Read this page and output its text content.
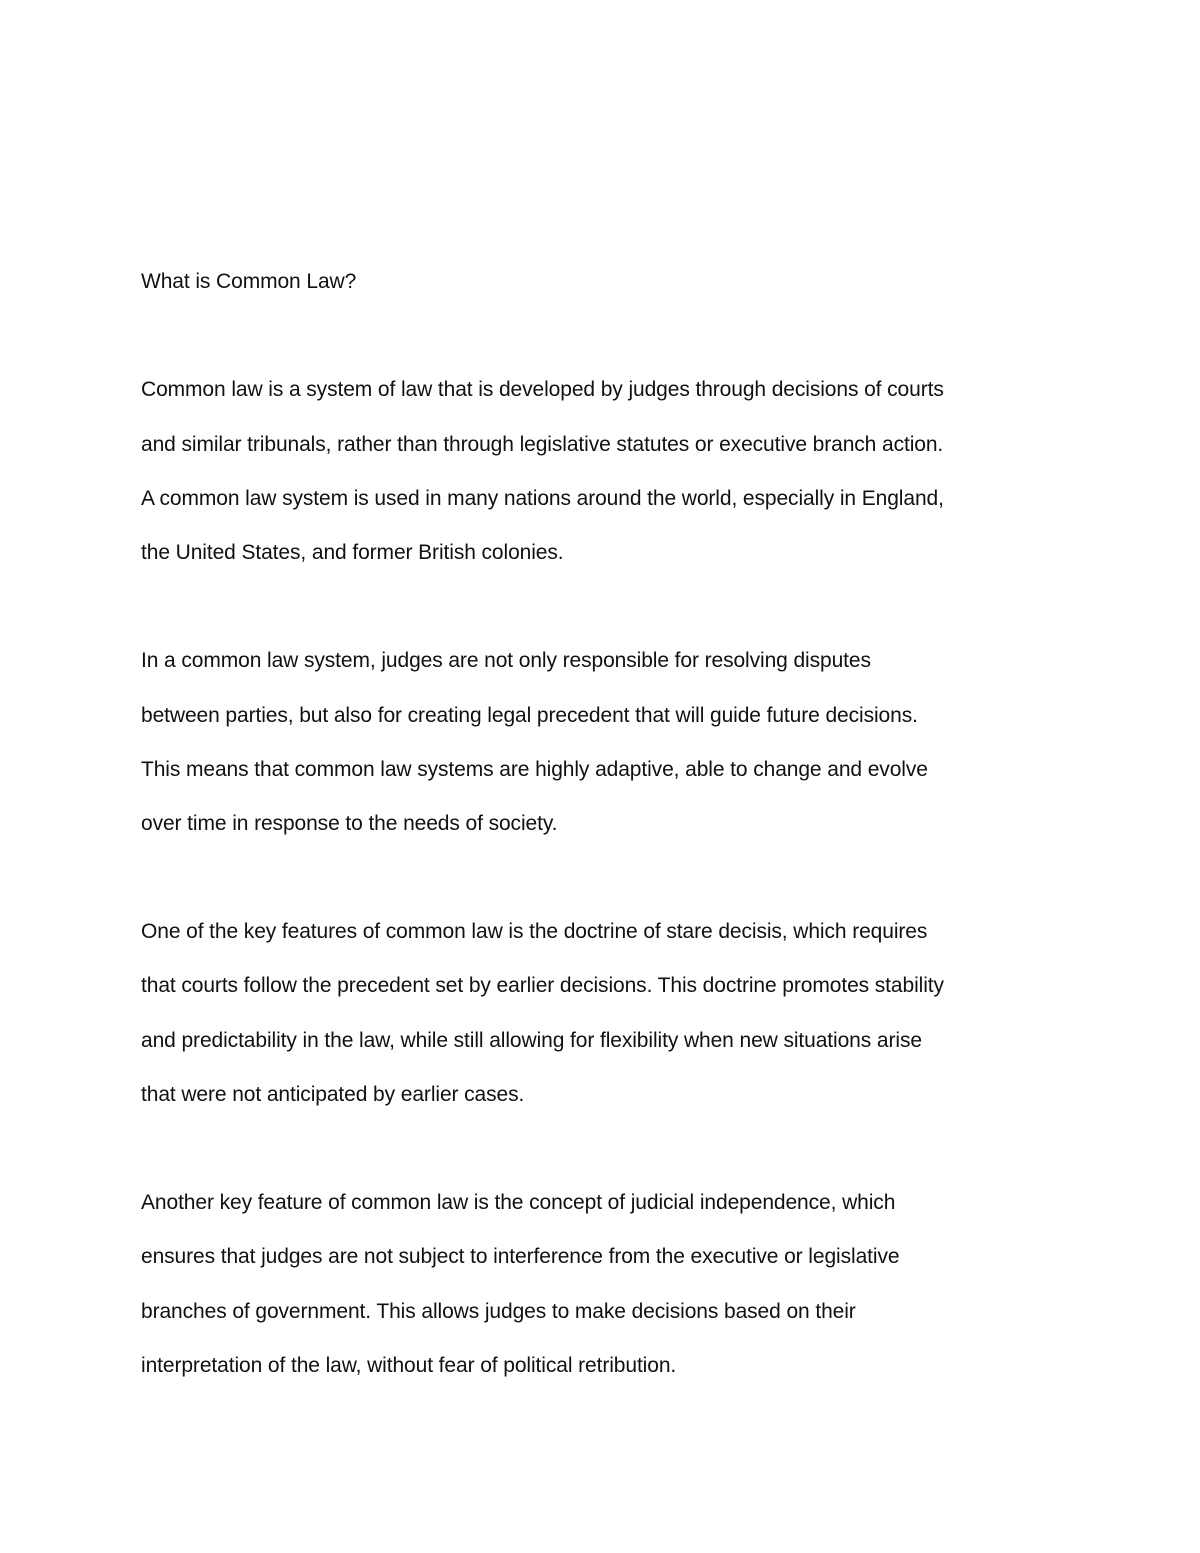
What is Common Law?
Common law is a system of law that is developed by judges through decisions of courts
and similar tribunals, rather than through legislative statutes or executive branch action.
A common law system is used in many nations around the world, especially in England,
the United States, and former British colonies.
In a common law system, judges are not only responsible for resolving disputes
between parties, but also for creating legal precedent that will guide future decisions.
This means that common law systems are highly adaptive, able to change and evolve
over time in response to the needs of society.
One of the key features of common law is the doctrine of stare decisis, which requires
that courts follow the precedent set by earlier decisions. This doctrine promotes stability
and predictability in the law, while still allowing for flexibility when new situations arise
that were not anticipated by earlier cases.
Another key feature of common law is the concept of judicial independence, which
ensures that judges are not subject to interference from the executive or legislative
branches of government. This allows judges to make decisions based on their
interpretation of the law, without fear of political retribution.
